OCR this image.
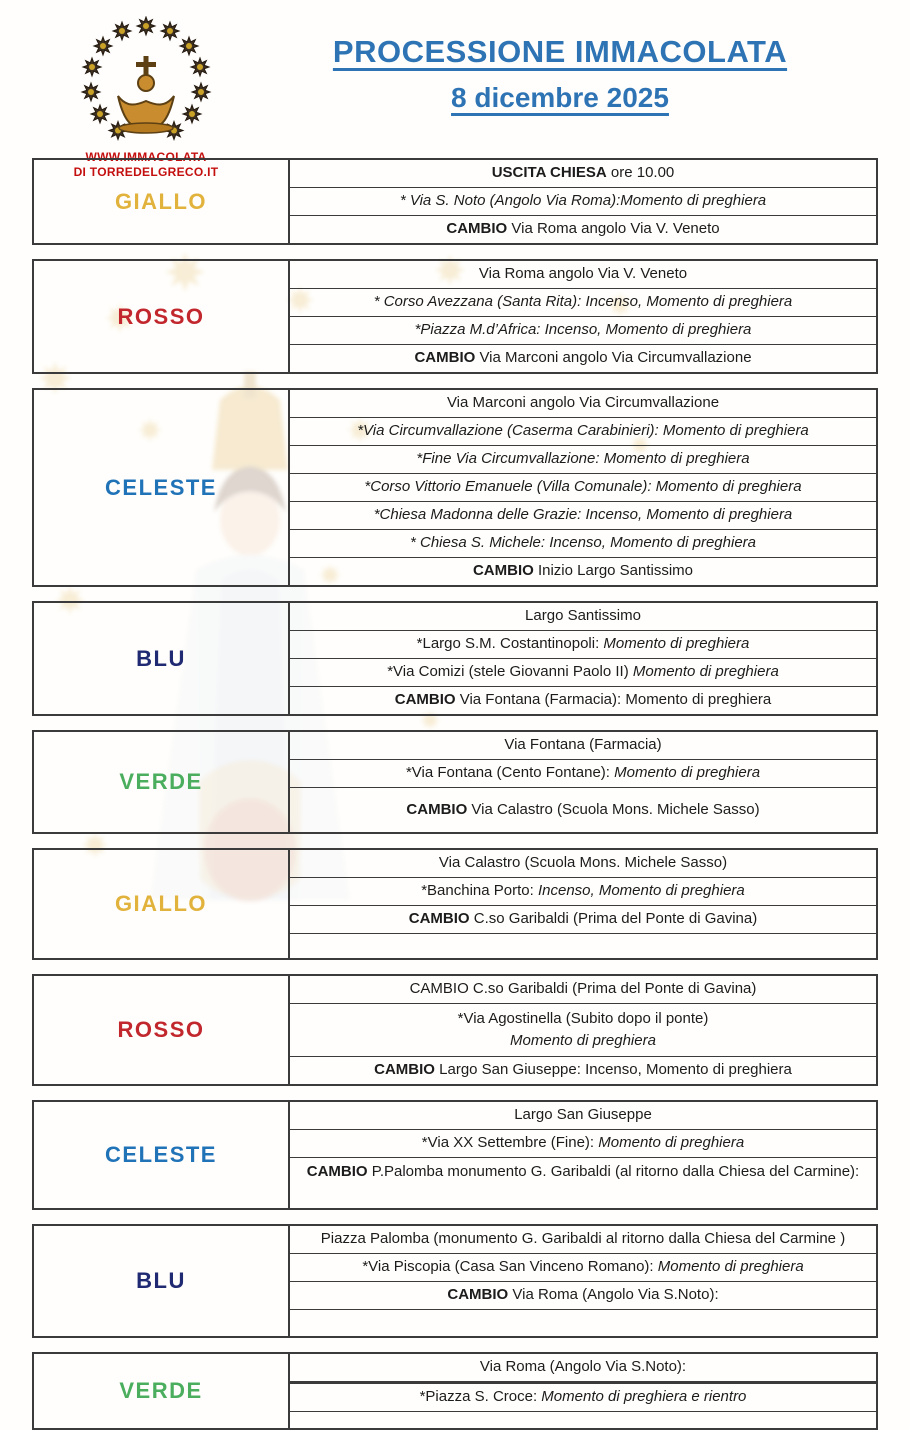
WWW.IMMACOLATA
DI TORREDELGRECO.IT
PROCESSIONE IMMACOLATA
8 dicembre 2025
GIALLO
USCITA CHIESA ore 10.00
* Via S. Noto (Angolo Via Roma):Momento di preghiera
CAMBIO Via Roma angolo Via V. Veneto
ROSSO
Via Roma angolo Via V. Veneto
* Corso Avezzana (Santa Rita): Incenso, Momento di preghiera
*Piazza M.d’Africa: Incenso, Momento di preghiera
CAMBIO Via Marconi angolo Via Circumvallazione
CELESTE
Via Marconi angolo Via Circumvallazione
*Via Circumvallazione (Caserma Carabinieri): Momento di preghiera
*Fine Via Circumvallazione: Momento di preghiera
*Corso Vittorio Emanuele (Villa Comunale): Momento di preghiera
*Chiesa Madonna delle Grazie: Incenso, Momento di preghiera
* Chiesa S. Michele: Incenso, Momento di preghiera
CAMBIO Inizio Largo Santissimo
BLU
Largo Santissimo
*Largo S.M. Costantinopoli: Momento di preghiera
*Via Comizi (stele Giovanni Paolo II) Momento di preghiera
CAMBIO Via Fontana (Farmacia): Momento di preghiera
VERDE
Via Fontana (Farmacia)
*Via Fontana (Cento Fontane): Momento di preghiera
CAMBIO Via Calastro (Scuola Mons. Michele Sasso)
GIALLO
Via Calastro (Scuola Mons. Michele Sasso)
*Banchina Porto: Incenso, Momento di preghiera
CAMBIO C.so Garibaldi (Prima del Ponte di Gavina)
ROSSO
CAMBIO C.so Garibaldi (Prima del Ponte di Gavina)
*Via Agostinella (Subito dopo il ponte)
Momento di preghiera
CAMBIO Largo San Giuseppe: Incenso, Momento di preghiera
CELESTE
Largo San Giuseppe
*Via XX Settembre (Fine): Momento di preghiera
CAMBIO P.Palomba monumento G. Garibaldi (al ritorno dalla Chiesa del Carmine):
BLU
Piazza Palomba (monumento G. Garibaldi al ritorno dalla Chiesa del Carmine )
*Via Piscopia (Casa San Vinceno Romano): Momento di preghiera
CAMBIO Via Roma (Angolo Via S.Noto):
VERDE
Via Roma (Angolo Via S.Noto):
*Piazza S. Croce: Momento di preghiera e rientro
